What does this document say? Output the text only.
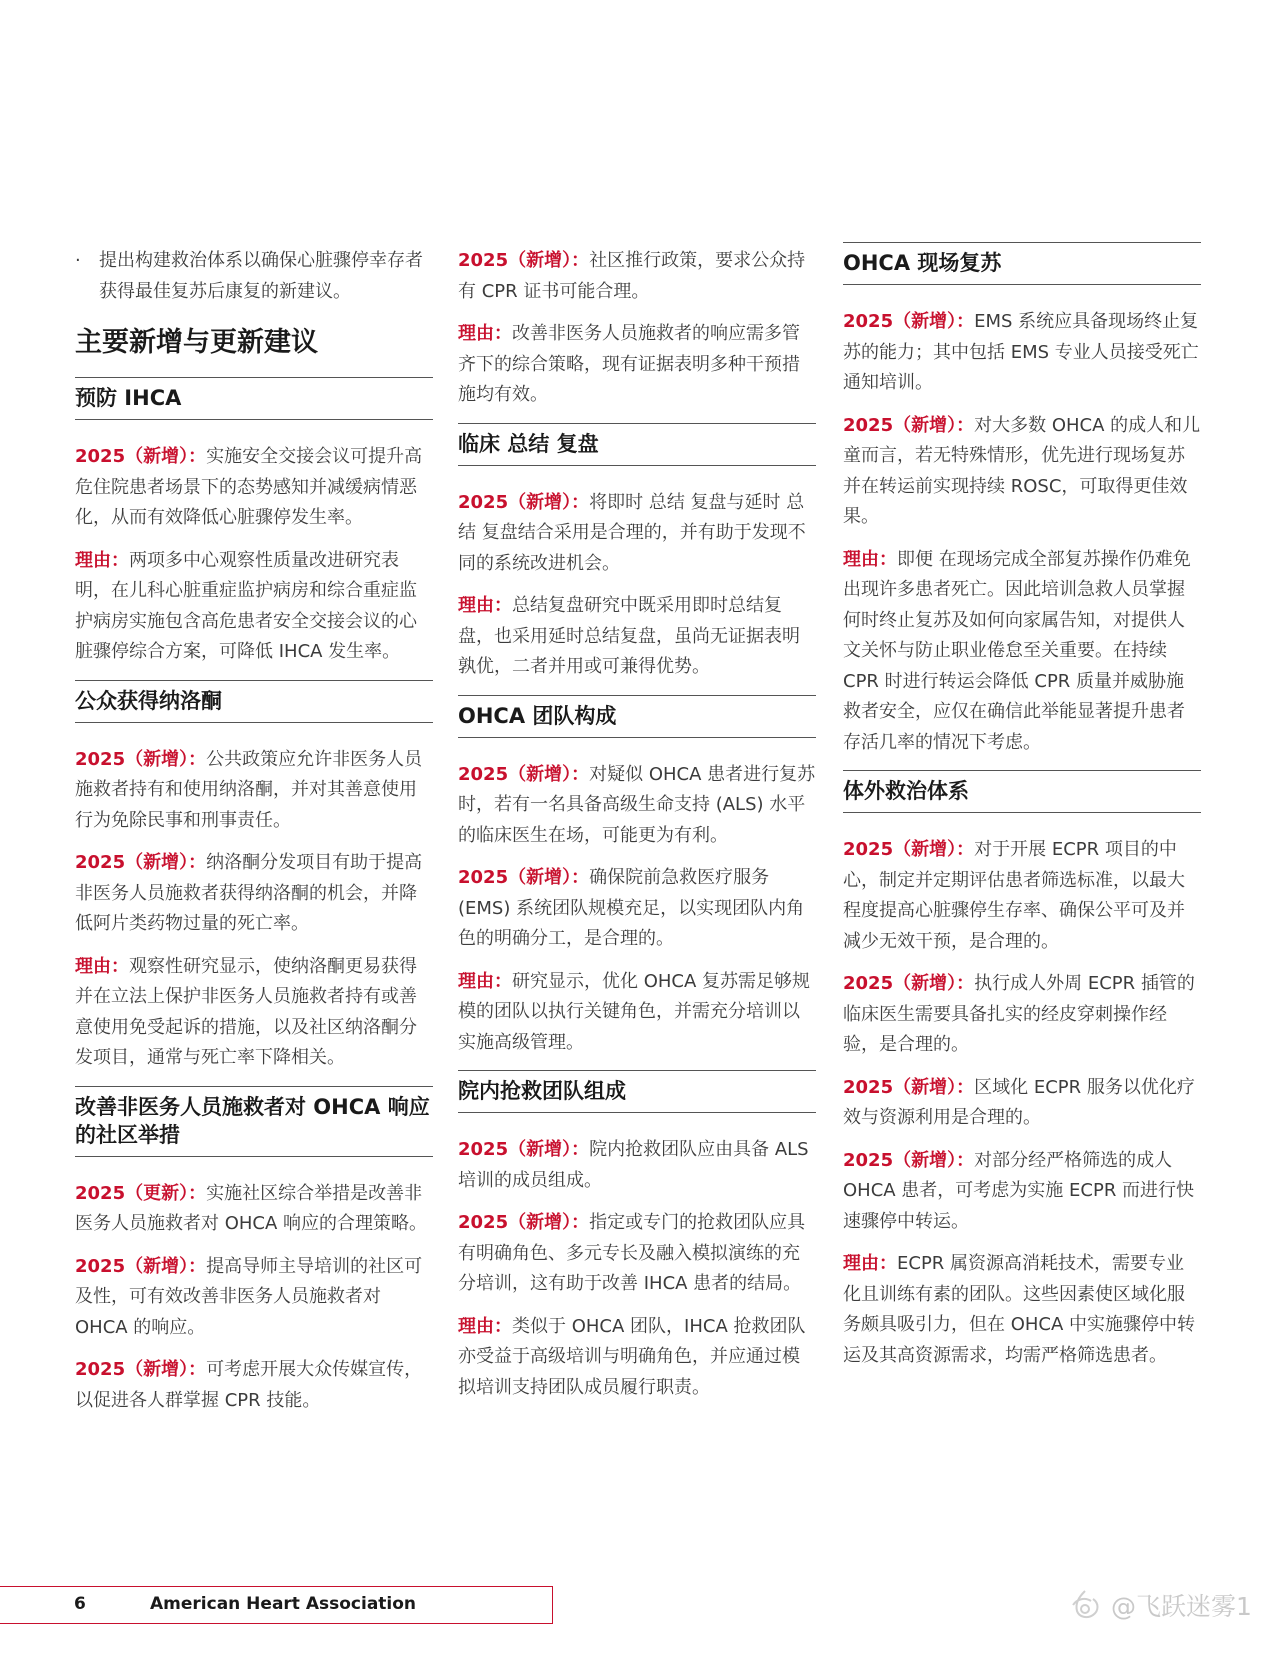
·	提出构建救治体系以确保心脏骤停幸存者获得最佳复苏后康复的新建议。
主要新增与更新建议
预防 IHCA

2025（新增）：实施安全交接会议可提升高危住院患者场景下的态势感知并减缓病情恶化，从而有效降低心脏骤停发生率。

理由：两项多中心观察性质量改进研究表明，在儿科心脏重症监护病房和综合重症监护病房实施包含高危患者安全交接会议的心脏骤停综合方案，可降低 IHCA 发生率。

公众获得纳洛酮

2025（新增）：公共政策应允许非医务人员施救者持有和使用纳洛酮，并对其善意使用行为免除民事和刑事责任。

2025（新增）：纳洛酮分发项目有助于提高非医务人员施救者获得纳洛酮的机会，并降低阿片类药物过量的死亡率。

理由：观察性研究显示，使纳洛酮更易获得并在立法上保护非医务人员施救者持有或善意使用免受起诉的措施，以及社区纳洛酮分发项目，通常与死亡率下降相关。

改善非医务人员施救者对 OHCA 响应的社区举措

2025（更新）：实施社区综合举措是改善非医务人员施救者对 OHCA 响应的合理策略。

2025（新增）：提高导师主导培训的社区可及性，可有效改善非医务人员施救者对 OHCA 的响应。

2025（新增）：可考虑开展大众传媒宣传，以促进各人群掌握 CPR 技能。

2025（新增）：社区推行政策，要求公众持有 CPR 证书可能合理。

理由：改善非医务人员施救者的响应需多管齐下的综合策略，现有证据表明多种干预措施均有效。

临床 总结 复盘

2025（新增）：将即时 总结 复盘与延时 总结 复盘结合采用是合理的，并有助于发现不同的系统改进机会。

理由：总结复盘研究中既采用即时总结复盘，也采用延时总结复盘，虽尚无证据表明孰优，二者并用或可兼得优势。

OHCA 团队构成

2025（新增）：对疑似 OHCA 患者进行复苏时，若有一名具备高级生命支持 (ALS) 水平的临床医生在场，可能更为有利。

2025（新增）：确保院前急救医疗服务 (EMS) 系统团队规模充足，以实现团队内角色的明确分工，是合理的。

理由：研究显示，优化 OHCA 复苏需足够规模的团队以执行关键角色，并需充分培训以实施高级管理。

院内抢救团队组成

2025（新增）：院内抢救团队应由具备 ALS 培训的成员组成。

2025（新增）：指定或专门的抢救团队应具有明确角色、多元专长及融入模拟演练的充分培训，这有助于改善 IHCA 患者的结局。

理由：类似于 OHCA 团队，IHCA 抢救团队亦受益于高级培训与明确角色，并应通过模拟培训支持团队成员履行职责。

OHCA 现场复苏

2025（新增）：EMS 系统应具备现场终止复苏的能力；其中包括 EMS 专业人员接受死亡通知培训。

2025（新增）：对大多数 OHCA 的成人和儿童而言，若无特殊情形，优先进行现场复苏并在转运前实现持续 ROSC，可取得更佳效果。

理由：即便 在现场完成全部复苏操作仍难免出现许多患者死亡。因此培训急救人员掌握何时终止复苏及如何向家属告知，对提供人文关怀与防止职业倦怠至关重要。在持续 CPR 时进行转运会降低 CPR 质量并威胁施救者安全，应仅在确信此举能显著提升患者存活几率的情况下考虑。

体外救治体系

2025（新增）：对于开展 ECPR 项目的中心，制定并定期评估患者筛选标准，以最大程度提高心脏骤停生存率、确保公平可及并减少无效干预，是合理的。

2025（新增）：执行成人外周 ECPR 插管的临床医生需要具备扎实的经皮穿刺操作经验，是合理的。

2025（新增）：区域化 ECPR 服务以优化疗效与资源利用是合理的。

2025（新增）：对部分经严格筛选的成人 OHCA 患者，可考虑为实施 ECPR 而进行快速骤停中转运。

理由：ECPR 属资源高消耗技术，需要专业化且训练有素的团队。这些因素使区域化服务颇具吸引力，但在 OHCA 中实施骤停中转运及其高资源需求，均需严格筛选患者。

6	American Heart Association	@飞跃迷雾1
